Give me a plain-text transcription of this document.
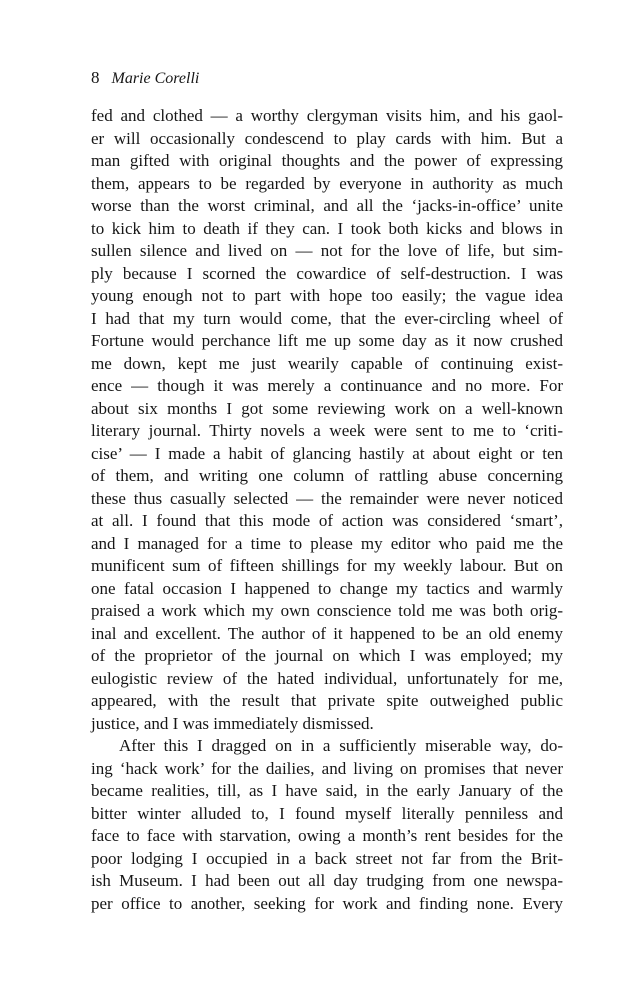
8 Marie Corelli
fed and clothed — a worthy clergyman visits him, and his gaol-
er will occasionally condescend to play cards with him. But a
man gifted with original thoughts and the power of expressing
them, appears to be regarded by everyone in authority as much
worse than the worst criminal, and all the ‘jacks-in-office’ unite
to kick him to death if they can. I took both kicks and blows in
sullen silence and lived on — not for the love of life, but sim-
ply because I scorned the cowardice of self-destruction. I was
young enough not to part with hope too easily; the vague idea
I had that my turn would come, that the ever-circling wheel of
Fortune would perchance lift me up some day as it now crushed
me down, kept me just wearily capable of continuing exist-
ence — though it was merely a continuance and no more. For
about six months I got some reviewing work on a well-known
literary journal. Thirty novels a week were sent to me to ‘criti-
cise’ — I made a habit of glancing hastily at about eight or ten
of them, and writing one column of rattling abuse concerning
these thus casually selected — the remainder were never noticed
at all. I found that this mode of action was considered ‘smart’,
and I managed for a time to please my editor who paid me the
munificent sum of fifteen shillings for my weekly labour. But on
one fatal occasion I happened to change my tactics and warmly
praised a work which my own conscience told me was both orig-
inal and excellent. The author of it happened to be an old enemy
of the proprietor of the journal on which I was employed; my
eulogistic review of the hated individual, unfortunately for me,
appeared, with the result that private spite outweighed public
justice, and I was immediately dismissed.
After this I dragged on in a sufficiently miserable way, do-
ing ‘hack work’ for the dailies, and living on promises that never
became realities, till, as I have said, in the early January of the
bitter winter alluded to, I found myself literally penniless and
face to face with starvation, owing a month’s rent besides for the
poor lodging I occupied in a back street not far from the Brit-
ish Museum. I had been out all day trudging from one newspa-
per office to another, seeking for work and finding none. Every
